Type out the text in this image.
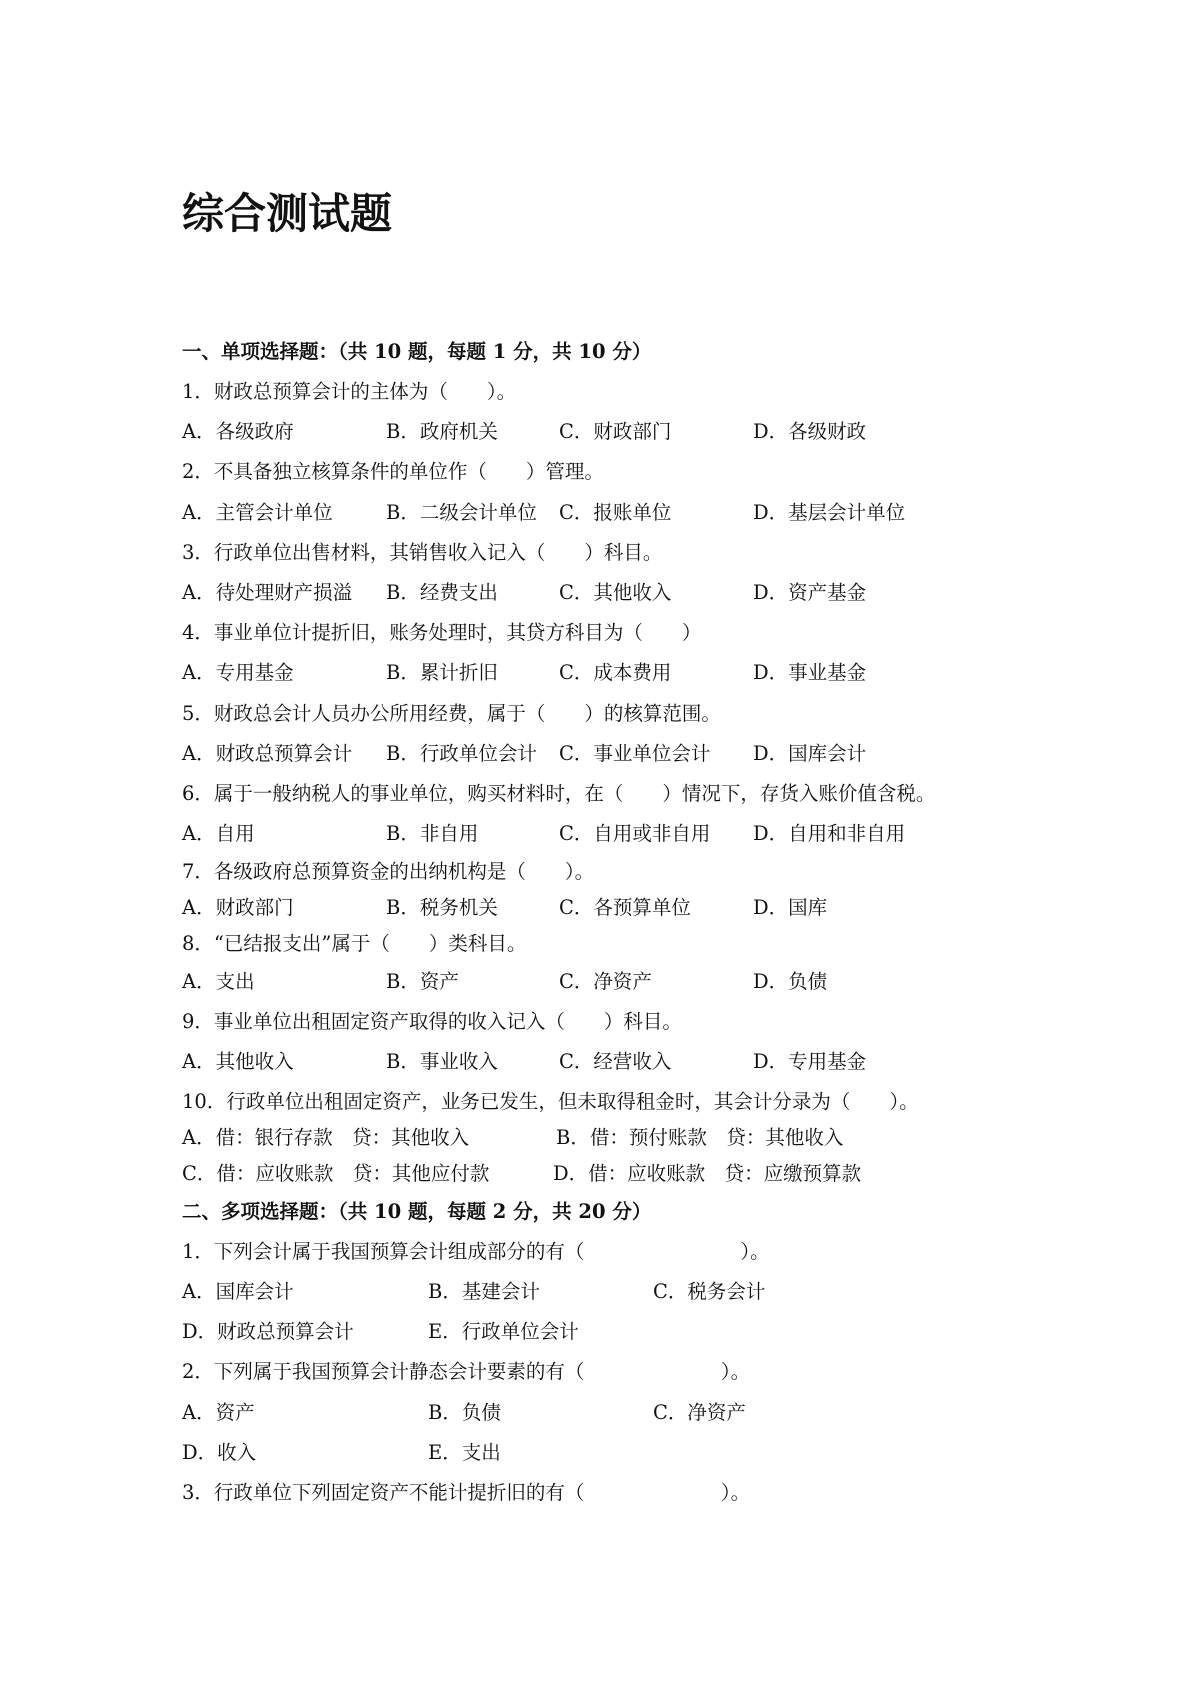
综合测试题
一、单项选择题：（共 10 题，每题 1 分，共 10 分）
1．财政总预算会计的主体为（　　）。
A．各级政府	B．政府机关	C．财政部门	D．各级财政
2．不具备独立核算条件的单位作（　　）管理。
A．主管会计单位	B．二级会计单位 C．报账单位	D．基层会计单位
3．行政单位出售材料，其销售收入记入（　　）科目。
A．待处理财产损溢 B．经费支出	C．其他收入	D．资产基金
4．事业单位计提折旧，账务处理时，其贷方科目为（　　）
A．专用基金	B．累计折旧	C．成本费用	D．事业基金
5．财政总会计人员办公所用经费，属于（　　）的核算范围。
A．财政总预算会计 B．行政单位会计 C．事业单位会计 D．国库会计
6．属于一般纳税人的事业单位，购买材料时，在（　　）情况下，存货入账价值含税。
A．自用	B．非自用	C．自用或非自用 D．自用和非自用
7．各级政府总预算资金的出纳机构是（　　）。
A．财政部门	B．税务机关	C．各预算单位	D．国库
8．“已结报支出”属于（　　）类科目。
A．支出	B．资产	C．净资产	D．负债
9．事业单位出租固定资产取得的收入记入（　　）科目。
A．其他收入	B．事业收入	C．经营收入	D．专用基金
10．行政单位出租固定资产，业务已发生，但未取得租金时，其会计分录为（　　）。
A．借：银行存款　贷：其他收入	B．借：预付账款　贷：其他收入
C．借：应收账款　贷：其他应付款	D．借：应收账款　贷：应缴预算款
二、多项选择题：（共 10 题，每题 2 分，共 20 分）
1．下列会计属于我国预算会计组成部分的有（　　　　　　　　）。
A．国库会计	B．基建会计	C．税务会计
D．财政总预算会计	E．行政单位会计
2．下列属于我国预算会计静态会计要素的有（　　　　　　　）。
A．资产	B．负债	C．净资产
D．收入	E．支出
3．行政单位下列固定资产不能计提折旧的有（　　　　　　　）。
